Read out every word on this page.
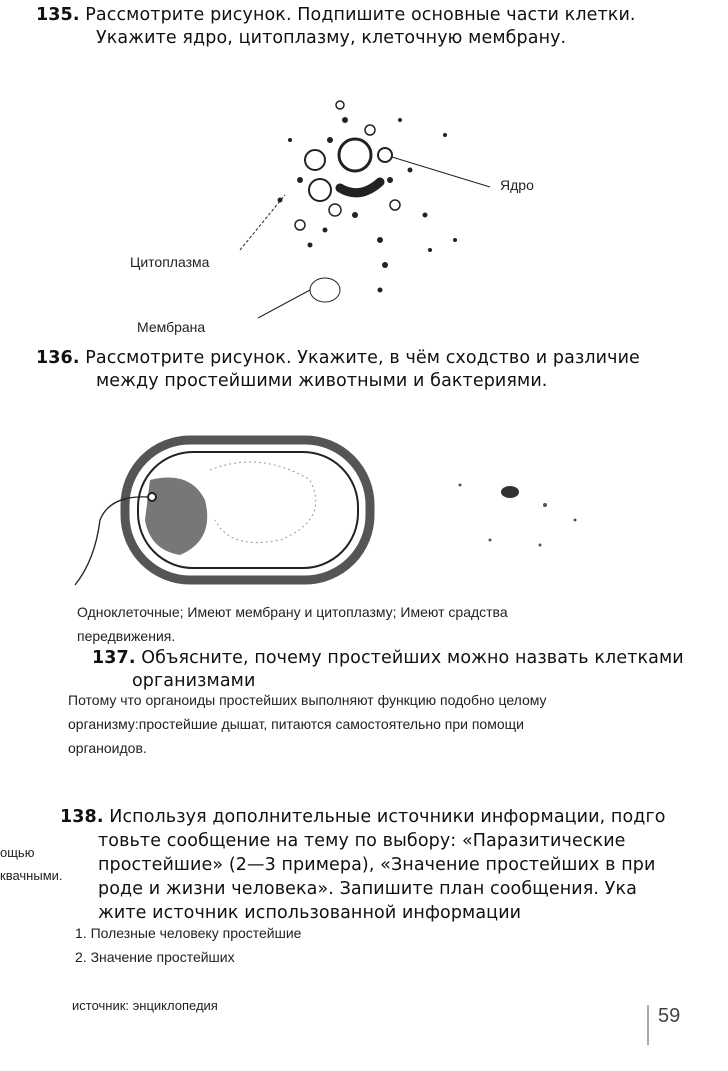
135. Рассмотрите рисунок. Подпишите основные части клетки.
Укажите ядро, цитоплазму, клеточную мембрану.
Ядро
Цитоплазма
Мембрана
136. Рассмотрите рисунок. Укажите, в чём сходство и различие
между простейшими животными и бактериями.
Одноклеточные; Имеют мембрану и цитоплазму; Имеют срадства
передвижения.
137. Объясните, почему простейших можно назвать клетками
организмами
Потому что органоиды простейших выполняют функцию подобно целому
организму:простейшие дышат, питаются самостоятельно при помощи
органоидов.
ощью
квачными.
138. Используя дополнительные источники информации, подго
товьте сообщение на тему по выбору: «Паразитические
простейшие» (2—3 примера), «Значение простейших в при
роде и жизни человека». Запишите план сообщения. Ука
жите источник использованной информации
1. Полезные человеку простейшие
2. Значение простейших
источник: энциклопедия	59
